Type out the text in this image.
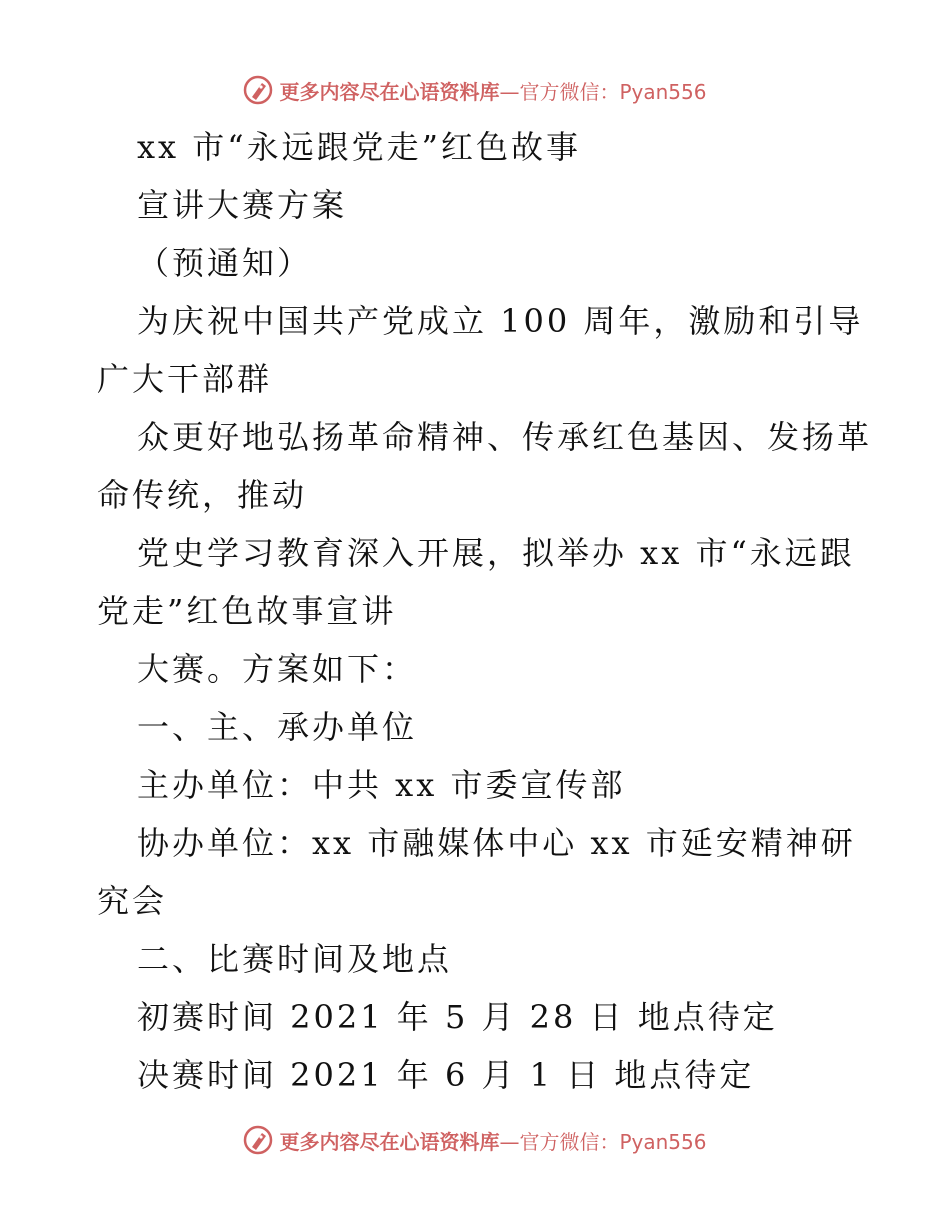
更多内容尽在心语资料库—官方微信：Pyan556
xx 市“永远跟党走”红色故事
宣讲大赛方案
（预通知）
为庆祝中国共产党成立 100 周年，激励和引导
广大干部群
众更好地弘扬革命精神、传承红色基因、发扬革
命传统，推动
党史学习教育深入开展，拟举办 xx 市“永远跟
党走”红色故事宣讲
大赛。方案如下：
一、主、承办单位
主办单位：中共 xx 市委宣传部
协办单位：xx 市融媒体中心 xx 市延安精神研
究会
二、比赛时间及地点
初赛时间 2021 年 5 月 28 日 地点待定
决赛时间 2021 年 6 月 1 日 地点待定
更多内容尽在心语资料库—官方微信：Pyan556
